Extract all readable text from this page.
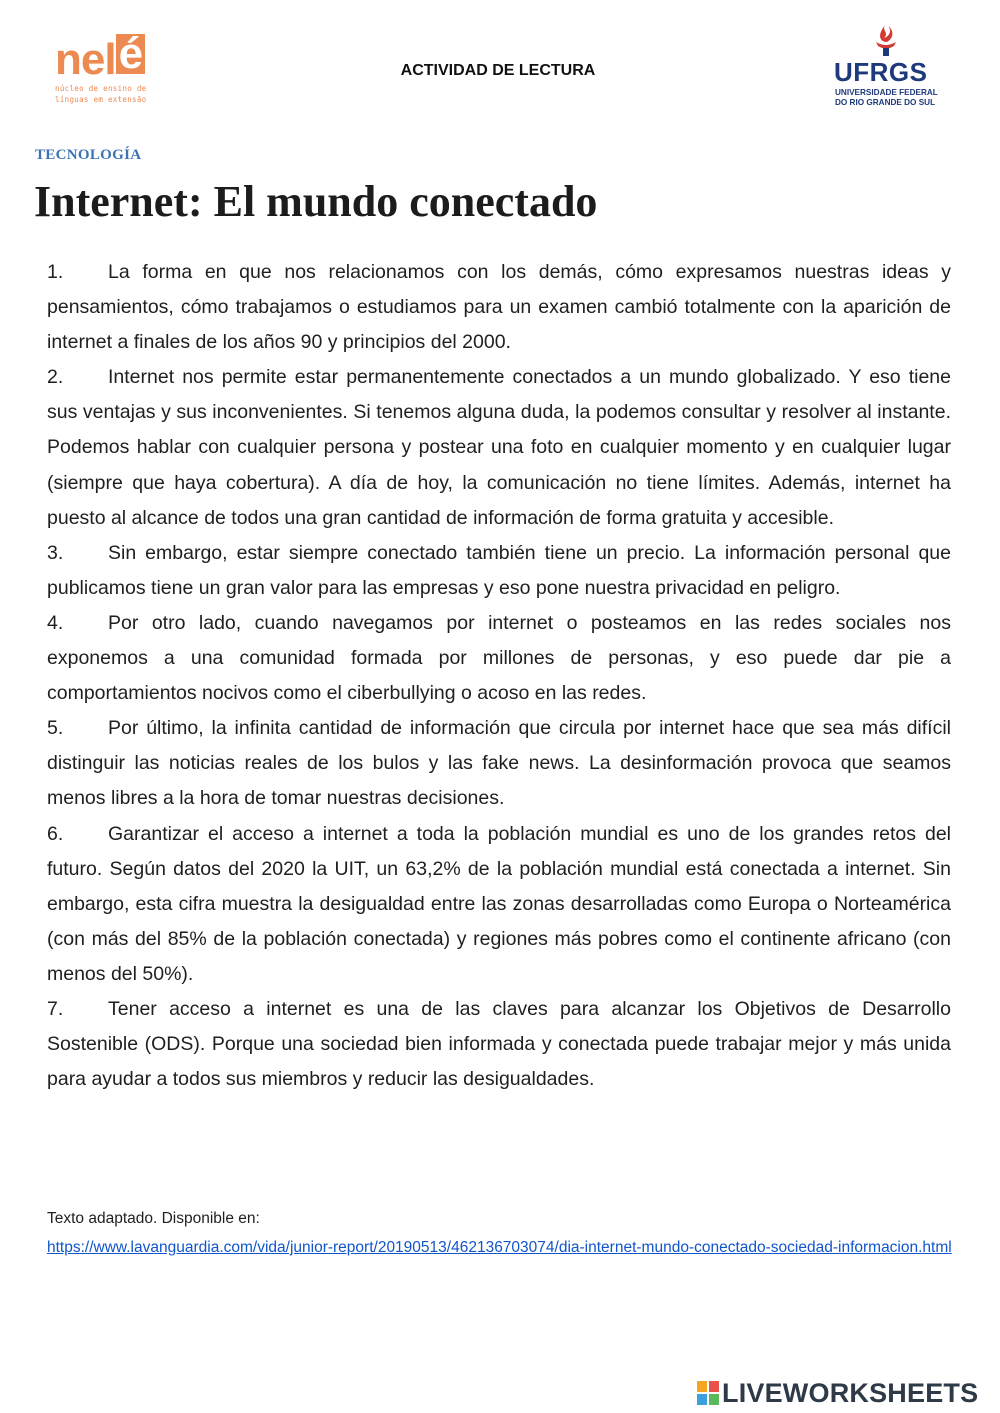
nelé
núcleo de ensino de
línguas em extensão
ACTIVIDAD DE LECTURA	UFRGS
UNIVERSIDADE FEDERAL
DO RIO GRANDE DO SUL
TECNOLOGÍA
Internet: El mundo conectado

1. La forma en que nos relacionamos con los demás, cómo expresamos nuestras ideas y pensamientos, cómo trabajamos o estudiamos para un examen cambió totalmente con la aparición de internet a finales de los años 90 y principios del 2000.

2. Internet nos permite estar permanentemente conectados a un mundo globalizado. Y eso tiene sus ventajas y sus inconvenientes. Si tenemos alguna duda, la podemos consultar y resolver al instante. Podemos hablar con cualquier persona y postear una foto en cualquier momento y en cualquier lugar (siempre que haya cobertura). A día de hoy, la comunicación no tiene límites. Además, internet ha puesto al alcance de todos una gran cantidad de información de forma gratuita y accesible.

3. Sin embargo, estar siempre conectado también tiene un precio. La información personal que publicamos tiene un gran valor para las empresas y eso pone nuestra privacidad en peligro.

4. Por otro lado, cuando navegamos por internet o posteamos en las redes sociales nos exponemos a una comunidad formada por millones de personas, y eso puede dar pie a comportamientos nocivos como el ciberbullying o acoso en las redes.

5. Por último, la infinita cantidad de información que circula por internet hace que sea más difícil distinguir las noticias reales de los bulos y las fake news. La desinformación provoca que seamos menos libres a la hora de tomar nuestras decisiones.

6. Garantizar el acceso a internet a toda la población mundial es uno de los grandes retos del futuro. Según datos del 2020 la UIT, un 63,2% de la población mundial está conectada a internet. Sin embargo, esta cifra muestra la desigualdad entre las zonas desarrolladas como Europa o Norteamérica (con más del 85% de la población conectada) y regiones más pobres como el continente africano (con menos del 50%).

7. Tener acceso a internet es una de las claves para alcanzar los Objetivos de Desarrollo Sostenible (ODS). Porque una sociedad bien informada y conectada puede trabajar mejor y más unida para ayudar a todos sus miembros y reducir las desigualdades.

Texto adaptado. Disponible en:
https://www.lavanguardia.com/vida/junior-report/20190513/462136703074/dia-internet-mundo-conectado-sociedad-informacion.html
LIVEWORKSHEETS
